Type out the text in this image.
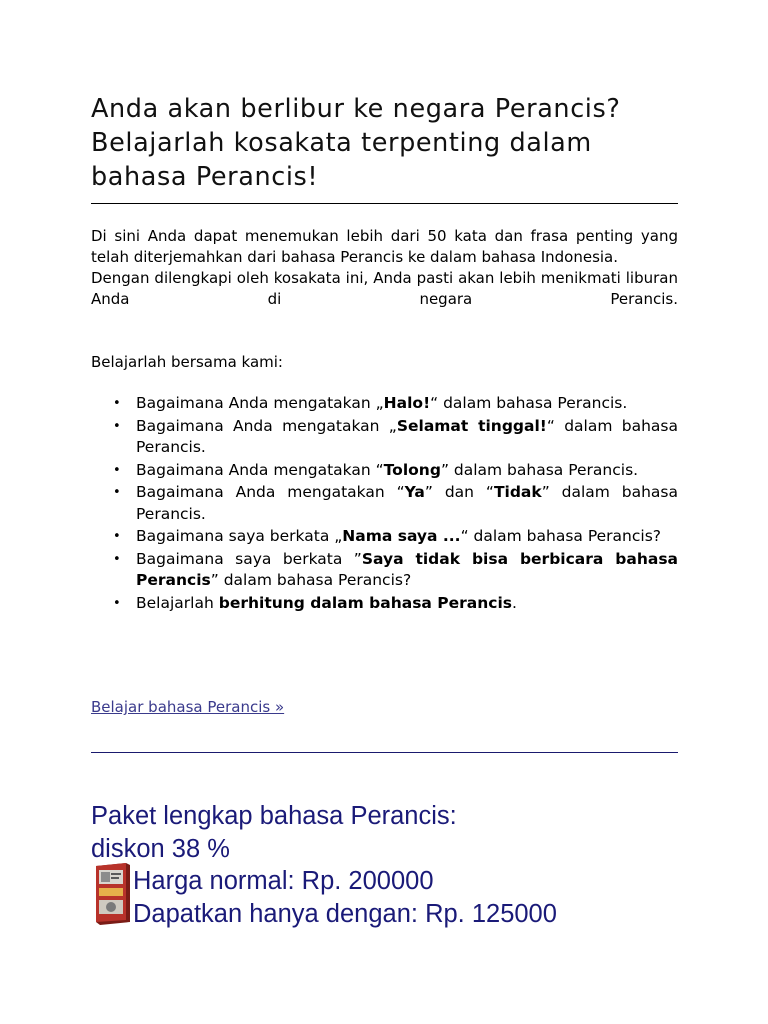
Anda akan berlibur ke negara Perancis?
Belajarlah kosakata terpenting dalam
bahasa Perancis!

Di sini Anda dapat menemukan lebih dari 50 kata dan frasa penting yang telah diterjemahkan dari bahasa Perancis ke dalam bahasa Indonesia.

Dengan dilengkapi oleh kosakata ini, Anda pasti akan lebih menikmati liburan Anda di negara Perancis.

Belajarlah bersama kami:

• Bagaimana Anda mengatakan „Halo!“ dalam bahasa Perancis.
• Bagaimana Anda mengatakan „Selamat tinggal!“ dalam bahasa Perancis.
• Bagaimana Anda mengatakan “Tolong” dalam bahasa Perancis.
• Bagaimana Anda mengatakan “Ya” dan “Tidak” dalam bahasa Perancis.
• Bagaimana saya berkata „Nama saya ...“ dalam bahasa Perancis?
• Bagaimana saya berkata ”Saya tidak bisa berbicara bahasa Perancis” dalam bahasa Perancis?
• Belajarlah berhitung dalam bahasa Perancis.
Belajar bahasa Perancis »
Paket lengkap bahasa Perancis:
diskon 38 %
Harga normal: Rp. 200000
Dapatkan hanya dengan: Rp. 125000
